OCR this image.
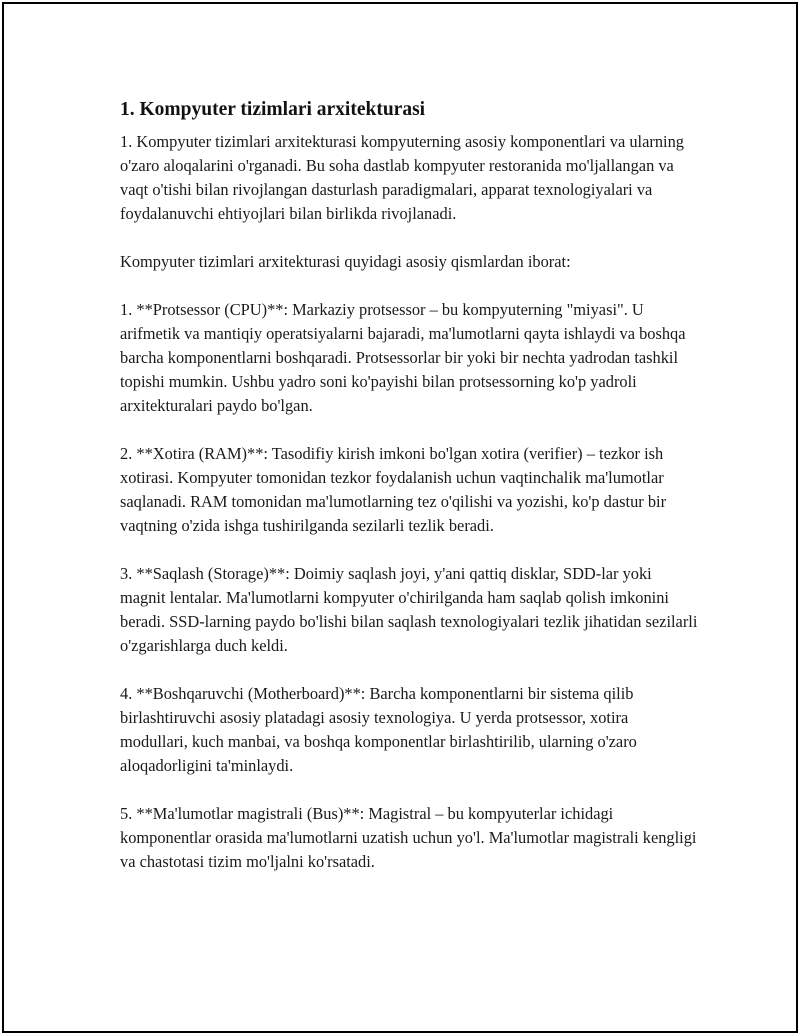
1. Kompyuter tizimlari arxitekturasi

1. Kompyuter tizimlari arxitekturasi kompyuterning asosiy komponentlari va ularning o'zaro aloqalarini o'rganadi. Bu soha dastlab kompyuter restoranida mo'ljallangan va vaqt o'tishi bilan rivojlangan dasturlash paradigmalari, apparat texnologiyalari va foydalanuvchi ehtiyojlari bilan birlikda rivojlanadi.

Kompyuter tizimlari arxitekturasi quyidagi asosiy qismlardan iborat:

1. **Protsessor (CPU)**: Markaziy protsessor – bu kompyuterning "miyasi". U arifmetik va mantiqiy operatsiyalarni bajaradi, ma'lumotlarni qayta ishlaydi va boshqa barcha komponentlarni boshqaradi. Protsessorlar bir yoki bir nechta yadrodan tashkil topishi mumkin. Ushbu yadro soni ko'payishi bilan protsessorning ko'p yadroli arxitekturalari paydo bo'lgan.

2. **Xotira (RAM)**: Tasodifiy kirish imkoni bo'lgan xotira (verifier) – tezkor ish xotirasi. Kompyuter tomonidan tezkor foydalanish uchun vaqtinchalik ma'lumotlar saqlanadi. RAM tomonidan ma'lumotlarning tez o'qilishi va yozishi, ko'p dastur bir vaqtning o'zida ishga tushirilganda sezilarli tezlik beradi.

3. **Saqlash (Storage)**: Doimiy saqlash joyi, y'ani qattiq disklar, SDD-lar yoki magnit lentalar. Ma'lumotlarni kompyuter o'chirilganda ham saqlab qolish imkonini beradi. SSD-larning paydo bo'lishi bilan saqlash texnologiyalari tezlik jihatidan sezilarli o'zgarishlarga duch keldi.

4. **Boshqaruvchi (Motherboard)**: Barcha komponentlarni bir sistema qilib birlashtiruvchi asosiy platadagi asosiy texnologiya. U yerda protsessor, xotira modullari, kuch manbai, va boshqa komponentlar birlashtirilib, ularning o'zaro aloqadorligini ta'minlaydi.

5. **Ma'lumotlar magistrali (Bus)**: Magistral – bu kompyuterlar ichidagi komponentlar orasida ma'lumotlarni uzatish uchun yo'l. Ma'lumotlar magistrali kengligi va chastotasi tizim mo'ljalni ko'rsatadi.
